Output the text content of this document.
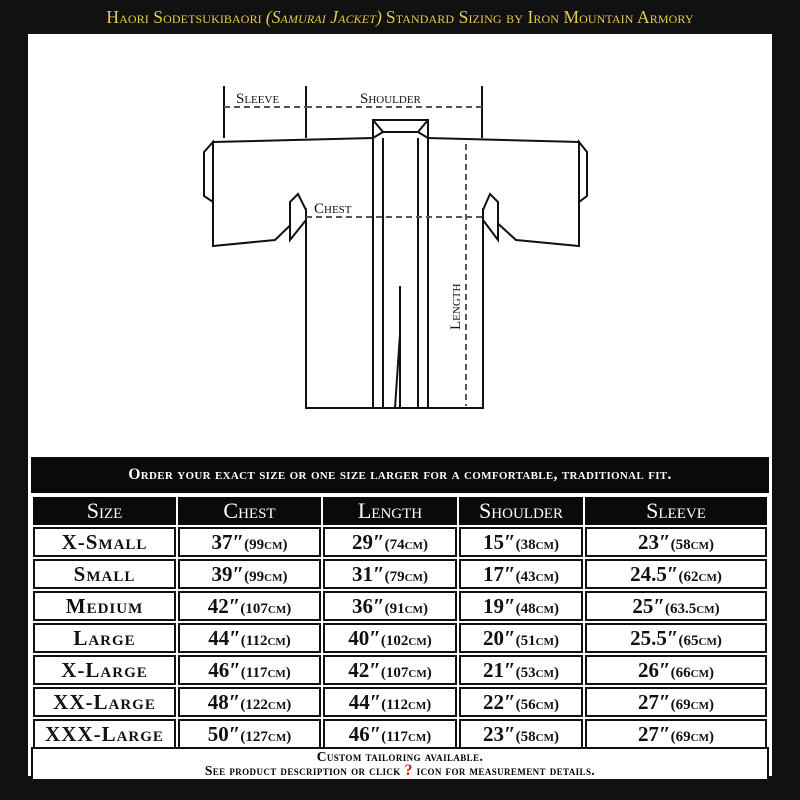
Haori Sodetsukibaori (Samurai Jacket) Standard Sizing by Iron Mountain Armory
Sleeve	Shoulder
Chest
Length
Order your exact size or one size larger for a comfortable, traditional fit.
Size	Chest	Length	Shoulder	Sleeve
X-Small	37″(99cm)	29″(74cm)	15″(38cm)	23″(58cm)
Small	39″(99cm)	31″(79cm)	17″(43cm)	24.5″(62cm)
Medium	42″(107cm)	36″(91cm)	19″(48cm)	25″(63.5cm)
Large	44″(112cm)	40″(102cm)	20″(51cm)	25.5″(65cm)
X-Large	46″(117cm)	42″(107cm)	21″(53cm)	26″(66cm)
XX-Large	48″(122cm)	44″(112cm)	22″(56cm)	27″(69cm)
XXX-Large	50″(127cm)	46″(117cm)	23″(58cm)	27″(69cm)
Custom tailoring available.
See product description or click ? icon for measurement details.
